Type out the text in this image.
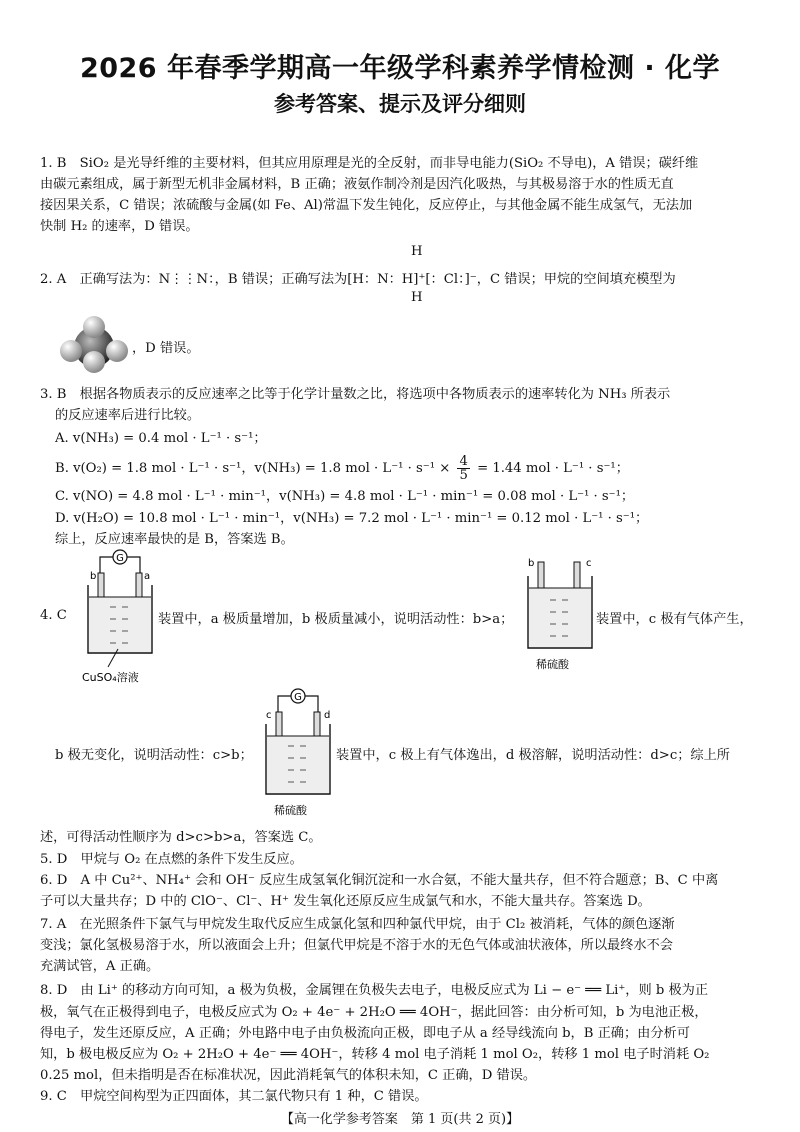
2026 年春季学期高一年级学科素养学情检测 · 化学
参考答案、提示及评分细则
1. B　SiO₂ 是光导纤维的主要材料，但其应用原理是光的全反射，而非导电能力(SiO₂ 不导电)，A 错误；碳纤维
由碳元素组成，属于新型无机非金属材料，B 正确；液氨作制冷剂是因汽化吸热，与其极易溶于水的性质无直
接因果关系，C 错误；浓硫酸与金属(如 Fe、Al)常温下发生钝化，反应停止，与其他金属不能生成氢气，无法加
快制 H₂ 的速率，D 错误。
H
2. A　正确写法为：N⋮⋮N：，B 错误；正确写法为[H：N：H]⁺[：Cl：]⁻，C 错误；甲烷的空间填充模型为
H
，D 错误。
3. B　根据各物质表示的反应速率之比等于化学计量数之比，将选项中各物质表示的速率转化为 NH₃ 所表示
的反应速率后进行比较。
A. v(NH₃) = 0.4 mol · L⁻¹ · s⁻¹；
B. v(O₂) = 1.8 mol · L⁻¹ · s⁻¹，v(NH₃) = 1.8 mol · $L^{-1} \cdot s^{-1} \times \frac{4}{5} = 1.44$ mol · L⁻¹ · s⁻¹；
C. v(NO) = 4.8 mol · L⁻¹ · min⁻¹，v(NH₃) = 4.8 mol · L⁻¹ · min⁻¹ = 0.08 mol · L⁻¹ · s⁻¹；
D. v(H₂O) = 10.8 mol · L⁻¹ · min⁻¹，v(NH₃) = 7.2 mol · L⁻¹ · min⁻¹ = 0.12 mol · L⁻¹ · s⁻¹；
综上，反应速率最快的是 B，答案选 B。
4. C
G
b	a
CuSO₄溶液
装置中，a 极质量增加，b 极质量减小，说明活动性：b>a；
b	c
稀硫酸
装置中，c 极有气体产生，
G
c	d
稀硫酸
b 极无变化，说明活动性：c>b；	装置中，c 极上有气体逸出，d 极溶解，说明活动性：d>c；综上所
述，可得活动性顺序为 d>c>b>a，答案选 C。
5. D　甲烷与 O₂ 在点燃的条件下发生反应。
6. D　A 中 Cu²⁺、NH₄⁺ 会和 OH⁻ 反应生成氢氧化铜沉淀和一水合氨，不能大量共存，但不符合题意；B、C 中离
子可以大量共存；D 中的 ClO⁻、Cl⁻、H⁺ 发生氧化还原反应生成氯气和水，不能大量共存。答案选 D。
7. A　在光照条件下氯气与甲烷发生取代反应生成氯化氢和四种氯代甲烷，由于 Cl₂ 被消耗，气体的颜色逐渐
变浅；氯化氢极易溶于水，所以液面会上升；但氯代甲烷是不溶于水的无色气体或油状液体，所以最终水不会
充满试管，A 正确。
8. D　由 Li⁺ 的移动方向可知，a 极为负极，金属锂在负极失去电子，电极反应式为 Li − e⁻ ══ Li⁺，则 b 极为正
极，氧气在正极得到电子，电极反应式为 O₂ + 4e⁻ + 2H₂O ══ 4OH⁻，据此回答：由分析可知，b 为电池正极，
得电子，发生还原反应，A 正确；外电路中电子由负极流向正极，即电子从 a 经导线流向 b，B 正确；由分析可
知，b 极电极反应为 O₂ + 2H₂O + 4e⁻ ══ 4OH⁻，转移 4 mol 电子消耗 1 mol O₂，转移 1 mol 电子时消耗 O₂
0.25 mol，但未指明是否在标准状况，因此消耗氧气的体积未知，C 正确，D 错误。
9. C　甲烷空间构型为正四面体，其二氯代物只有 1 种，C 错误。
【高一化学参考答案　第 1 页(共 2 页)】
